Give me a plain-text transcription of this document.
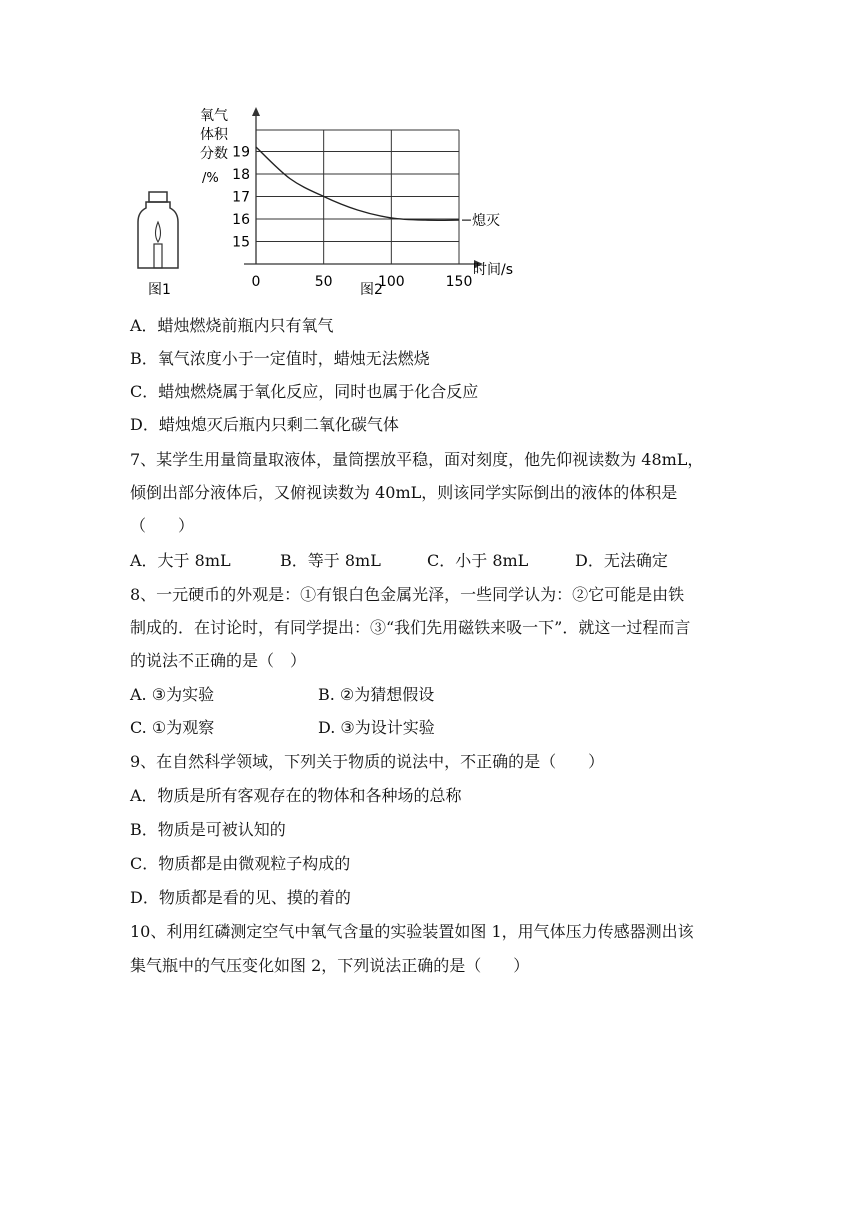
图1
氧气
体积
分数
/%
15
16
17
18
19
0	50	100	150
熄灭
时间/s
图2
A．蜡烛燃烧前瓶内只有氧气
B．氧气浓度小于一定值时，蜡烛无法燃烧
C．蜡烛燃烧属于氧化反应，同时也属于化合反应
D．蜡烛熄灭后瓶内只剩二氧化碳气体
7、某学生用量筒量取液体，量筒摆放平稳，面对刻度，他先仰视读数为 48mL，
倾倒出部分液体后，又俯视读数为 40mL，则该同学实际倒出的液体的体积是
（　　）
A．大于 8mL	B．等于 8mL	C．小于 8mL	D．无法确定
8、一元硬币的外观是：①有银白色金属光泽，一些同学认为：②它可能是由铁
制成的．在讨论时，有同学提出：③“我们先用磁铁来吸一下”．就这一过程而言
的说法不正确的是（　）
A. ③为实验	B. ②为猜想假设
C. ①为观察	D. ③为设计实验
9、在自然科学领域，下列关于物质的说法中，不正确的是（　　）
A．物质是所有客观存在的物体和各种场的总称
B．物质是可被认知的
C．物质都是由微观粒子构成的
D．物质都是看的见、摸的着的
10、利用红磷测定空气中氧气含量的实验装置如图 1，用气体压力传感器测出该
集气瓶中的气压变化如图 2，下列说法正确的是（　　）
